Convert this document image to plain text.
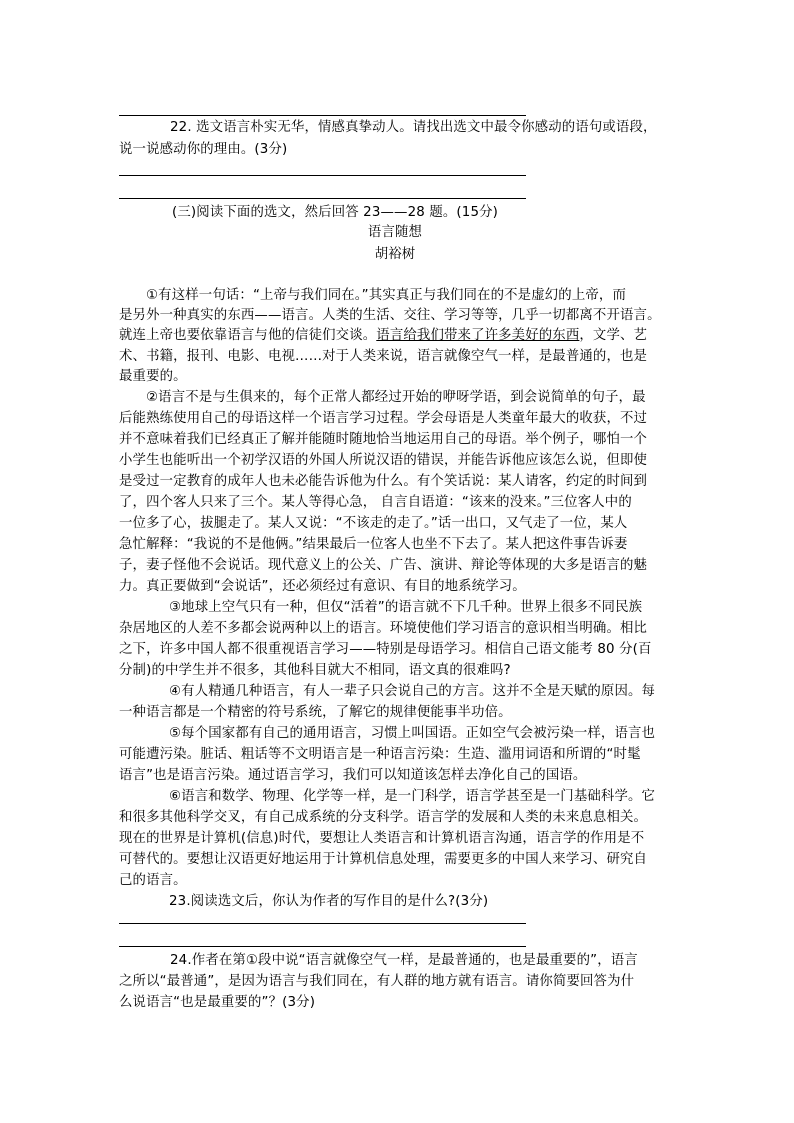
22. 选文语言朴实无华，情感真挚动人。请找出选文中最令你感动的语句或语段，
说一说感动你的理由。(3分)
(三)阅读下面的选文，然后回答 23——28 题。(15分)
语言随想
胡裕树
①有这样一句话：“上帝与我们同在。”其实真正与我们同在的不是虚幻的上帝，而
是另外一种真实的东西——语言。人类的生活、交往、学习等等，几乎一切都离不开语言。
就连上帝也要依靠语言与他的信徒们交谈。语言给我们带来了许多美好的东西，文学、艺
术、书籍，报刊、电影、电视……对于人类来说，语言就像空气一样，是最普通的，也是
最重要的。
②语言不是与生俱来的，每个正常人都经过开始的咿呀学语，到会说简单的句子，最
后能熟练使用自己的母语这样一个语言学习过程。学会母语是人类童年最大的收获，不过
并不意味着我们已经真正了解并能随时随地恰当地运用自己的母语。举个例子，哪怕一个
小学生也能听出一个初学汉语的外国人所说汉语的错误，并能告诉他应该怎么说，但即使
是受过一定教育的成年人也未必能告诉他为什么。有个笑话说：某人请客，约定的时间到
了，四个客人只来了三个。某人等得心急， 自言自语道：“该来的没来。”三位客人中的
一位多了心，拔腿走了。某人又说：“不该走的走了。”话一出口，又气走了一位，某人
急忙解释：“我说的不是他俩。”结果最后一位客人也坐不下去了。某人把这件事告诉妻
子，妻子怪他不会说话。现代意义上的公关、广告、演讲、辩论等体现的大多是语言的魅
力。真正要做到“会说话”，还必须经过有意识、有目的地系统学习。
③地球上空气只有一种，但仅“活着”的语言就不下几千种。世界上很多不同民族
杂居地区的人差不多都会说两种以上的语言。环境使他们学习语言的意识相当明确。相比
之下，许多中国人都不很重视语言学习——特别是母语学习。相信自己语文能考 80 分(百
分制)的中学生并不很多，其他科目就大不相同，语文真的很难吗?
④有人精通几种语言，有人一辈子只会说自己的方言。这并不全是天赋的原因。每
一种语言都是一个精密的符号系统，了解它的规律便能事半功倍。
⑤每个国家都有自己的通用语言，习惯上叫国语。正如空气会被污染一样，语言也
可能遭污染。脏话、粗话等不文明语言是一种语言污染：生造、滥用词语和所谓的“时髦
语言”也是语言污染。通过语言学习，我们可以知道该怎样去净化自己的国语。
⑥语言和数学、物理、化学等一样，是一门科学，语言学甚至是一门基础科学。它
和很多其他科学交叉，有自己成系统的分支科学。语言学的发展和人类的未来息息相关。
现在的世界是计算机(信息)时代，要想让人类语言和计算机语言沟通，语言学的作用是不
可替代的。要想让汉语更好地运用于计算机信息处理，需要更多的中国人来学习、研究自
己的语言。
23.阅读选文后，你认为作者的写作目的是什么?(3分)
24.作者在第①段中说“语言就像空气一样，是最普通的，也是最重要的”，语言
之所以“最普通”，是因为语言与我们同在，有人群的地方就有语言。请你简要回答为什
么说语言“也是最重要的”？(3分)
